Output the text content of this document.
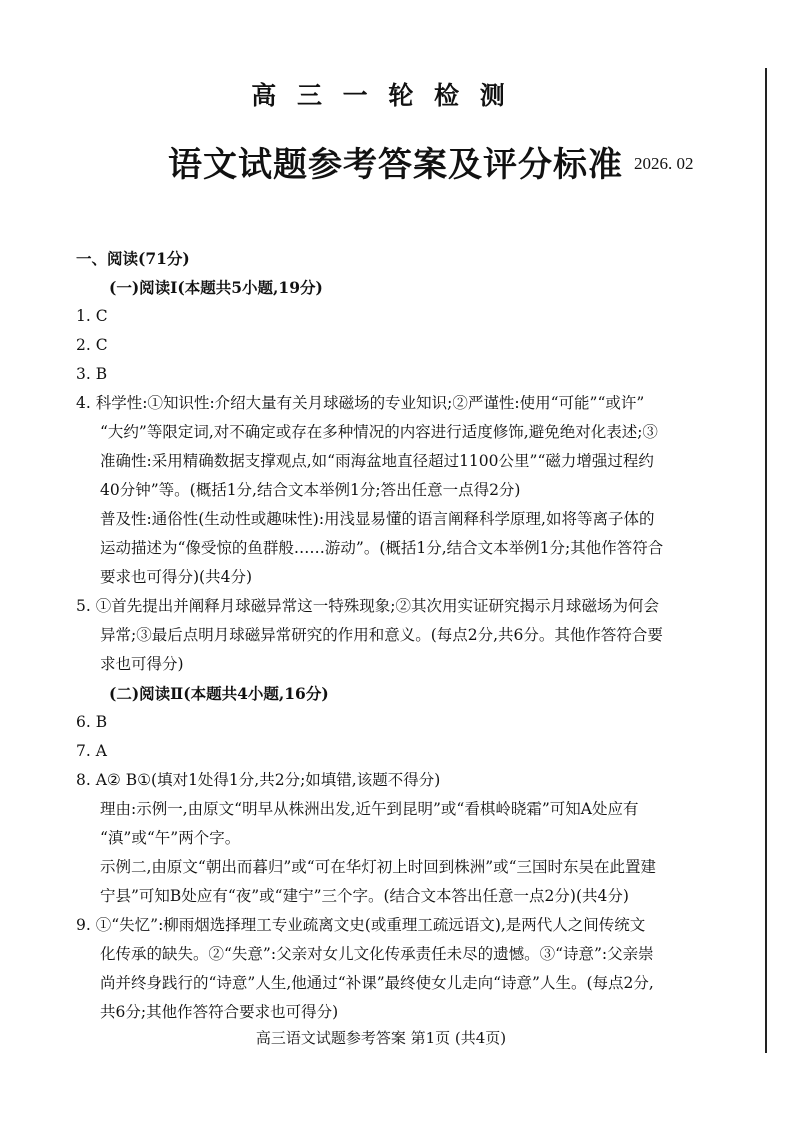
高 三 一 轮 检 测
语文试题参考答案及评分标准 2026. 02
一、阅读(71分)
(一)阅读Ⅰ(本题共5小题,19分)
1. C
2. C
3. B
4. 科学性:①知识性:介绍大量有关月球磁场的专业知识;②严谨性:使用“可能”“或许”
“大约”等限定词,对不确定或存在多种情况的内容进行适度修饰,避免绝对化表述;③
准确性:采用精确数据支撑观点,如“雨海盆地直径超过1100公里”“磁力增强过程约
40分钟”等。(概括1分,结合文本举例1分;答出任意一点得2分)
普及性:通俗性(生动性或趣味性):用浅显易懂的语言阐释科学原理,如将等离子体的
运动描述为“像受惊的鱼群般……游动”。(概括1分,结合文本举例1分;其他作答符合
要求也可得分)(共4分)
5. ①首先提出并阐释月球磁异常这一特殊现象;②其次用实证研究揭示月球磁场为何会
异常;③最后点明月球磁异常研究的作用和意义。(每点2分,共6分。其他作答符合要
求也可得分)
(二)阅读Ⅱ(本题共4小题,16分)
6. B
7. A
8. A② B①(填对1处得1分,共2分;如填错,该题不得分)
理由:示例一,由原文“明早从株洲出发,近午到昆明”或“看棋岭晓霜”可知A处应有
“滇”或“午”两个字。
示例二,由原文“朝出而暮归”或“可在华灯初上时回到株洲”或“三国时东吴在此置建
宁县”可知B处应有“夜”或“建宁”三个字。(结合文本答出任意一点2分)(共4分)
9. ①“失忆”:柳雨烟选择理工专业疏离文史(或重理工疏远语文),是两代人之间传统文
化传承的缺失。②“失意”:父亲对女儿文化传承责任未尽的遗憾。③“诗意”:父亲崇
尚并终身践行的“诗意”人生,他通过“补课”最终使女儿走向“诗意”人生。(每点2分,
共6分;其他作答符合要求也可得分)
高三语文试题参考答案 第1页 (共4页)
